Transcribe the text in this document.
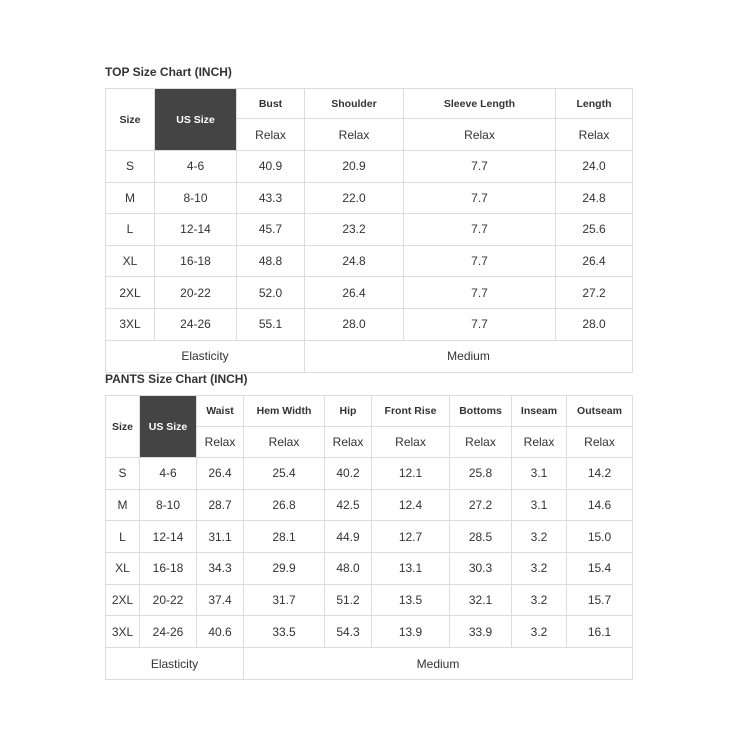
TOP Size Chart (INCH)
Size	US Size	Bust	Shoulder	Sleeve Length	Length
		Relax	Relax	Relax	Relax
S	4-6	40.9	20.9	7.7	24.0
M	8-10	43.3	22.0	7.7	24.8
L	12-14	45.7	23.2	7.7	25.6
XL	16-18	48.8	24.8	7.7	26.4
2XL	20-22	52.0	26.4	7.7	27.2
3XL	24-26	55.1	28.0	7.7	28.0
Elasticity			Medium		
PANTS Size Chart (INCH)
Size	US Size	Waist	Hem Width	Hip	Front Rise	Bottoms	Inseam	Outseam
		Relax	Relax	Relax	Relax	Relax	Relax	Relax
S	4-6	26.4	25.4	40.2	12.1	25.8	3.1	14.2
M	8-10	28.7	26.8	42.5	12.4	27.2	3.1	14.6
L	12-14	31.1	28.1	44.9	12.7	28.5	3.2	15.0
XL	16-18	34.3	29.9	48.0	13.1	30.3	3.2	15.4
2XL	20-22	37.4	31.7	51.2	13.5	32.1	3.2	15.7
3XL	24-26	40.6	33.5	54.3	13.9	33.9	3.2	16.1
Elasticity			Medium					
